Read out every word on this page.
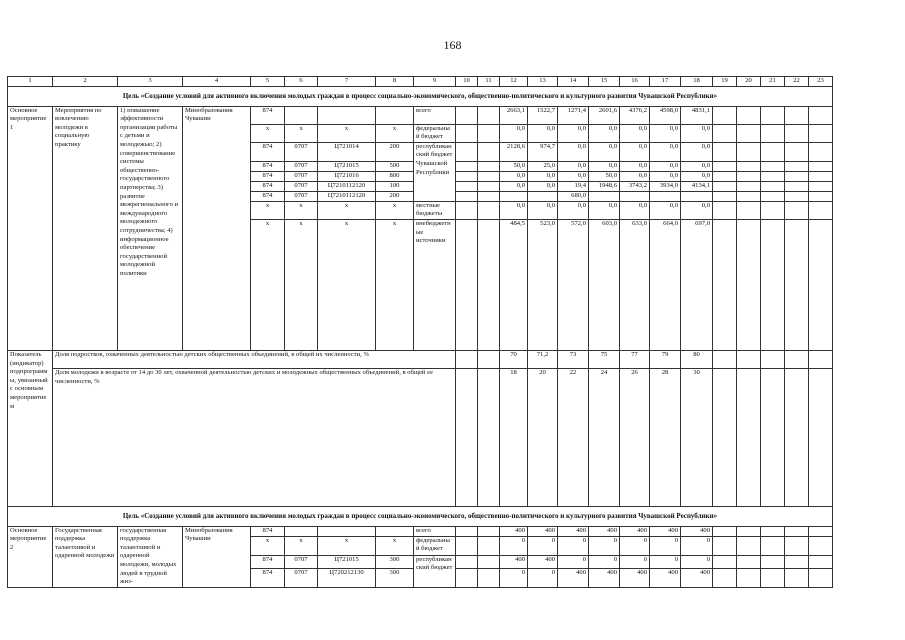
168
1	2	3	4	5	6	7	8	9	10	11	12	13	14	15	16	17	18	19	20	21	22	23
Цель «Создание условий для активного включения молодых граждан в процесс социально-экономического, общественно-политического и культурного развития Чувашской Республики»																						
Основное мероприятие 1	Мероприятия по вовлечению молодежи в социальную практику	1) повышение эффективности организации работы с детьми и молодежью; 2) совершенствование системы общественно-государственного партнерства; 3) развитие межрегионального и международного молодежного сотрудничества; 4) информационное обеспечение государственной молодежной политики	Минобразования Чувашии	874				всего			2663,1	1522,7	1271,4	2601,6	4376,2	4598,0	4831,1					
				x	x	x	x	федеральный бюджет			0,0	0,0	0,0	0,0	0,0	0,0	0,0					
				874	0707	Ц721014	200	республиканский бюджет Чувашской Республики			2128,6	974,7	0,0	0,0	0,0	0,0	0,0					
				874	0707	Ц721015	500				50,0	25,0	0,0	0,0	0,0	0,0	0,0					
				874	0707	Ц721016	800				0,0	0,0	0,0	50,0	0,0	0,0	0,0					
				874	0707	Ц7210112120	100				0,0	0,0	19,4	1948,6	3743,2	3934,0	4134,1					
				874	0707	Ц7210112120	200						680,0									
				x	x	x	x	местные бюджеты			0,0	0,0	0,0	0,0	0,0	0,0	0,0					
				x	x	x	x	внебюджетные источники			484,5	523,0	572,0	603,0	633,0	664,0	697,0					
Показатель (индикатор) подпрограммы, увязанный с основным мероприятием	Доля подростков, охваченных деятельностью детских общественных объединений, в общей их численности, %										70	71,2	73	75	77	79	80					
	Доля молодежи в возрасте от 14 до 30 лет, охваченной деятельностью детских и молодежных общественных объединений, в общей ее численности, %										18	20	22	24	26	28	30					
Цель «Создание условий для активного включения молодых граждан в процесс социально-экономического, общественно-политического и культурного развития Чувашской Республики»																						
Основное мероприятие 2	Государственная поддержка талантливой и одаренной молодежи	государственная поддержка талантливой и одаренной молодежи, молодых людей в трудной жиз-	Минобразования Чувашии	874				всего			400	400	400	400	400	400	400					
				x	x	x	x	федеральный бюджет			0	0	0	0	0	0	0					
				874	0707	Ц721015	300	республиканский бюджет			400	400	0	0	0	0	0					
				874	0707	Ц720212130	300				0	0	400	400	400	400	400					
